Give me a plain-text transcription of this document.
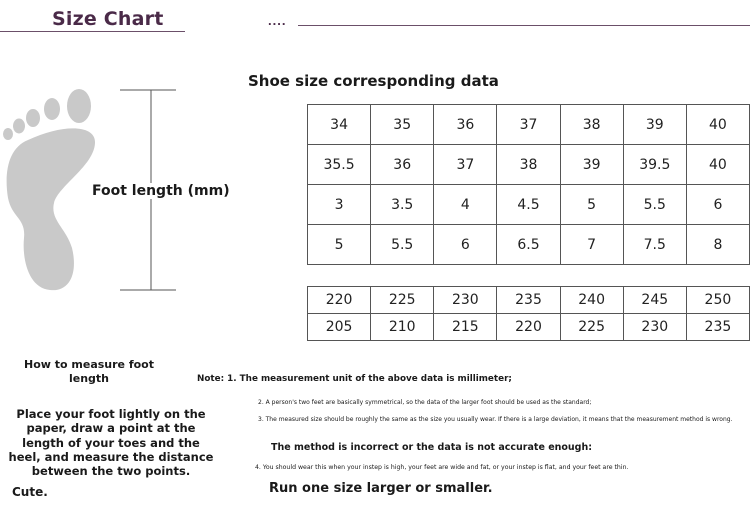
Size Chart	....
Shoe size corresponding data
Foot length (mm)
34	35	36	37	38	39	40
35.5	36	37	38	39	39.5	40
3	3.5	4	4.5	5	5.5	6
5	5.5	6	6.5	7	7.5	8
220	225	230	235	240	245	250
205	210	215	220	225	230	235
How to measure foot length
Place your foot lightly on the paper, draw a point at the length of your toes and the heel, and measure the distance between the two points.
Cute.
Note: 1. The measurement unit of the above data is millimeter;
2. A person's two feet are basically symmetrical, so the data of the larger foot should be used as the standard;
3. The measured size should be roughly the same as the size you usually wear. If there is a large deviation, it means that the measurement method is wrong.
The method is incorrect or the data is not accurate enough:
4. You should wear this when your instep is high, your feet are wide and fat, or your instep is flat, and your feet are thin.
Run one size larger or smaller.
